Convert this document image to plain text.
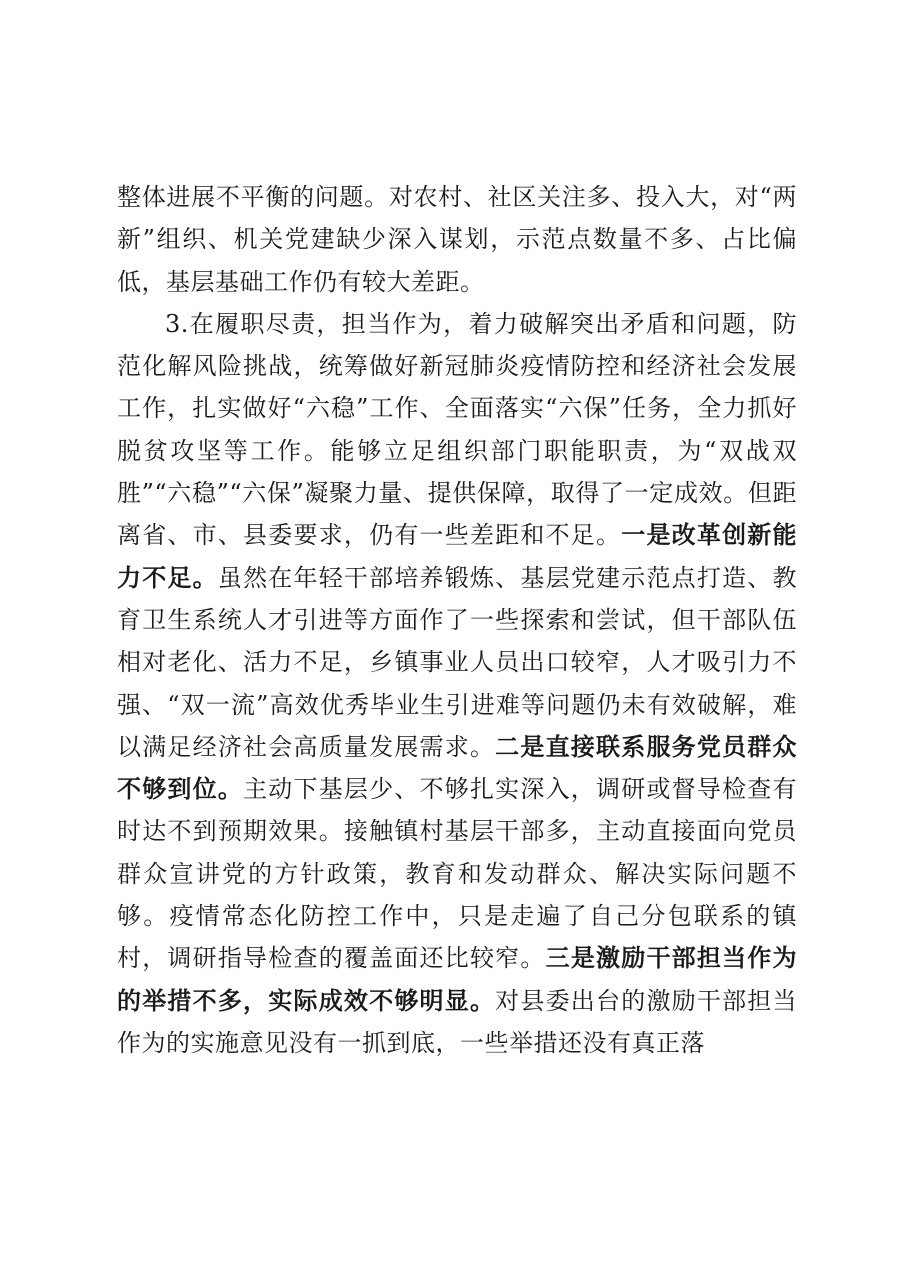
整体进展不平衡的问题。对农村、社区关注多、投入大，对“两新”组织、机关党建缺少深入谋划，示范点数量不多、占比偏低，基层基础工作仍有较大差距。

3.在履职尽责，担当作为，着力破解突出矛盾和问题，防范化解风险挑战，统筹做好新冠肺炎疫情防控和经济社会发展工作，扎实做好“六稳”工作、全面落实“六保”任务，全力抓好脱贫攻坚等工作。能够立足组织部门职能职责，为“双战双胜”“六稳”“六保”凝聚力量、提供保障，取得了一定成效。但距离省、市、县委要求，仍有一些差距和不足。一是改革创新能力不足。虽然在年轻干部培养锻炼、基层党建示范点打造、教育卫生系统人才引进等方面作了一些探索和尝试，但干部队伍相对老化、活力不足，乡镇事业人员出口较窄，人才吸引力不强、“双一流”高效优秀毕业生引进难等问题仍未有效破解，难以满足经济社会高质量发展需求。二是直接联系服务党员群众不够到位。主动下基层少、不够扎实深入，调研或督导检查有时达不到预期效果。接触镇村基层干部多，主动直接面向党员群众宣讲党的方针政策，教育和发动群众、解决实际问题不够。疫情常态化防控工作中，只是走遍了自己分包联系的镇村，调研指导检查的覆盖面还比较窄。三是激励干部担当作为的举措不多，实际成效不够明显。对县委出台的激励干部担当作为的实施意见没有一抓到底，一些举措还没有真正落
